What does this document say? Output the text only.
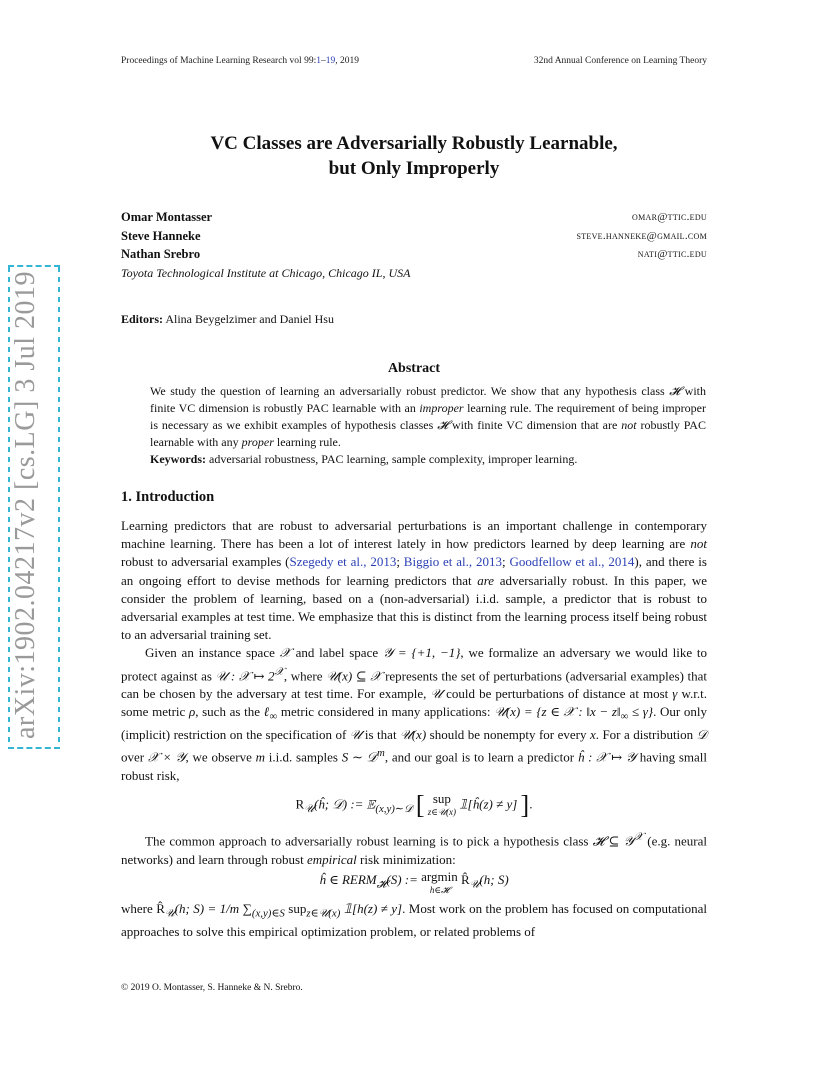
Proceedings of Machine Learning Research vol 99:1–19, 2019	32nd Annual Conference on Learning Theory
arXiv:1902.04217v2 [cs.LG] 3 Jul 2019
VC Classes are Adversarially Robustly Learnable,
but Only Improperly
Omar Montasser	omar@ttic.edu
Steve Hanneke	steve.hanneke@gmail.com
Nathan Srebro	nati@ttic.edu
Toyota Technological Institute at Chicago, Chicago IL, USA
Editors: Alina Beygelzimer and Daniel Hsu
Abstract

We study the question of learning an adversarially robust predictor. We show that any hypothesis class 𝓗 with finite VC dimension is robustly PAC learnable with an improper learning rule. The requirement of being improper is necessary as we exhibit examples of hypothesis classes 𝓗 with finite VC dimension that are not robustly PAC learnable with any proper learning rule.

Keywords: adversarial robustness, PAC learning, sample complexity, improper learning.

1. Introduction

Learning predictors that are robust to adversarial perturbations is an important challenge in contemporary machine learning. There has been a lot of interest lately in how predictors learned by deep learning are not robust to adversarial examples (Szegedy et al., 2013; Biggio et al., 2013; Goodfellow et al., 2014), and there is an ongoing effort to devise methods for learning predictors that are adversarially robust. In this paper, we consider the problem of learning, based on a (non-adversarial) i.i.d. sample, a predictor that is robust to adversarial examples at test time. We emphasize that this is distinct from the learning process itself being robust to an adversarial training set.

Given an instance space 𝒳 and label space 𝒴 = {+1, −1}, we formalize an adversary we would like to protect against as 𝒰 : 𝒳 ↦ $2^𝒳$, where 𝒰(x) ⊆ 𝒳 represents the set of perturbations (adversarial examples) that can be chosen by the adversary at test time. For example, 𝒰 could be perturbations of distance at most γ w.r.t. some metric ρ, such as the ℓ$_\infty$ metric considered in many applications: 𝒰(x) = {z ∈ 𝒳 : ‖x − $z‖_\infty \le \gamma$}. Our only (implicit) restriction on the specification of 𝒰 is that 𝒰(x) should be nonempty for every x. For a distribution 𝒟 over 𝒳 × 𝒴, we observe m i.i.d. samples S ∼ 𝒟$^m$, and our goal is to learn a predictor ĥ : 𝒳 ↦ 𝒴 having small robust risk,

$R_𝒰(ĥ$; 𝒟) := 𝔼$_{(x,y)\sim 𝒟}$ [ sup
z∈𝒰(x) 𝟙[ĥ(z) ≠ y] ].

The common approach to adversarially robust learning is to pick a hypothesis class 𝓗 ⊆ 𝒴$^𝒳$ (e.g. neural networks) and learn through robust empirical risk minimization:

ĥ ∈ $RERM_𝓗(S)$ := argmin
h∈𝓗 $R̂_𝒰(h$; S)

where $R̂_𝒰(h$; S) = 1/m $\sum_{(x,y)\in S}$ sup$_{z\in 𝒰(x)}$ 𝟙[h(z) ≠ y]. Most work on the problem has focused on computational approaches to solve this empirical optimization problem, or related problems of

© 2019 O. Montasser, S. Hanneke & N. Srebro.
